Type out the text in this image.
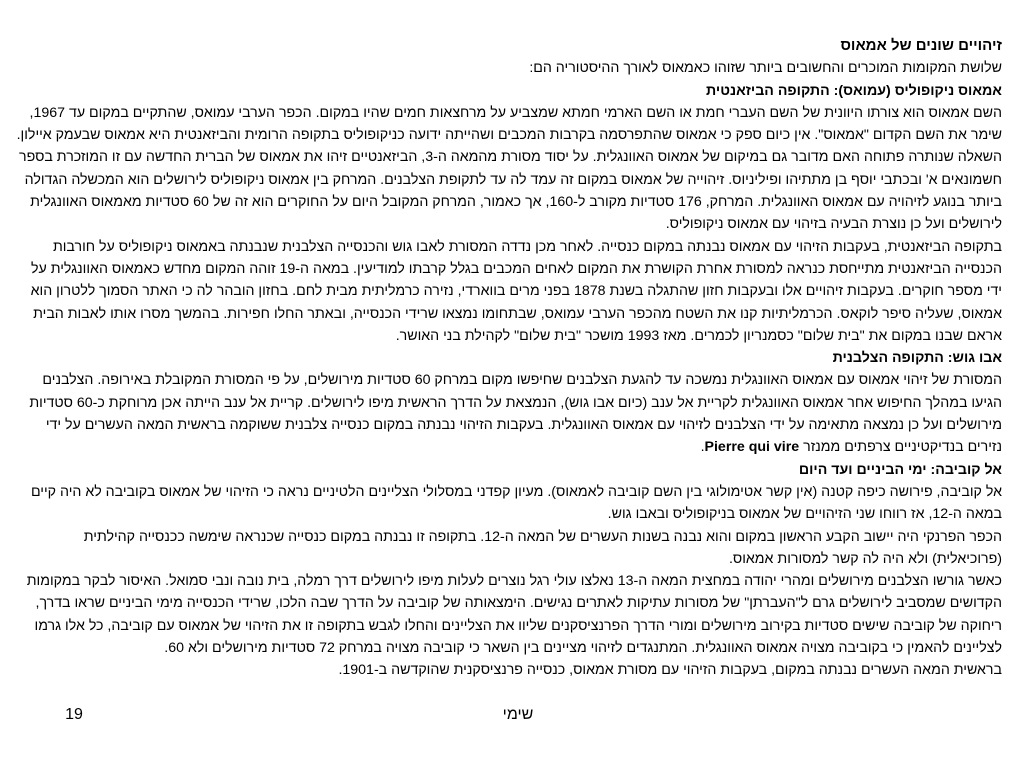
זיהויים שונים של אמאוס

שלושת המקומות המוכרים והחשובים ביותר שזוהו כאמאוס לאורך ההיסטוריה הם:

אמאוס ניקופוליס (עמואס): התקופה הביזאנטית

השם אמאוס הוא צורתו היוונית של השם העברי חמת או השם הארמי חמתא שמצביע על מרחצאות חמים שהיו במקום. הכפר הערבי עמואס, שהתקיים במקום עד 1967, שימר את השם הקדום "אמאוס". אין כיום ספק כי אמאוס שהתפרסמה בקרבות המכבים ושהייתה ידועה כניקופוליס בתקופה הרומית והביזאנטית היא אמאוס שבעמק איילון. השאלה שנותרה פתוחה האם מדובר גם במיקום של אמאוס האוונגלית. על יסוד מסורת מהמאה ה-3, הביזאנטיים זיהו את אמאוס של הברית החדשה עם זו המוזכרת בספר חשמונאים א' ובכתבי יוסף בן מתתיהו ופיליניוס. זיהוייה של אמאוס במקום זה עמד לה עד לתקופת הצלבנים. המרחק בין אמאוס ניקופוליס לירושלים הוא המכשלה הגדולה ביותר בנוגע לזיהויה עם אמאוס האוונגלית. המרחק, 176 סטדיות מקורב ל-160, אך כאמור, המרחק המקובל היום על החוקרים הוא זה של 60 סטדיות מאמאוס האוונגלית לירושלים ועל כן נוצרת הבעיה בזיהוי עם אמאוס ניקופוליס.

בתקופה הביזאנטית, בעקבות הזיהוי עם אמאוס נבנתה במקום כנסייה. לאחר מכן נדדה המסורת לאבו גוש והכנסייה הצלבנית שנבנתה באמאוס ניקופוליס על חורבות הכנסייה הביזאנטית מתייחסת כנראה למסורת אחרת הקושרת את המקום לאחים המכבים בגלל קרבתו למודיעין. במאה ה-19 זוהה המקום מחדש כאמאוס האוונגלית על ידי מספר חוקרים. בעקבות זיהויים אלו ובעקבות חזון שהתגלה בשנת 1878 בפני מרים בווארדי, נזירה כרמליתית מבית לחם. בחזון הובהר לה כי האתר הסמוך ללטרון הוא אמאוס, שעליה סיפר לוקאס. הכרמליתיות קנו את השטח מהכפר הערבי עמואס, שבתחומו נמצאו שרידי הכנסייה, ובאתר החלו חפירות. בהמשך מסרו אותו לאבות הבית אראם שבנו במקום את "בית שלום" כסמנריון לכמרים. מאז 1993 מושכר "בית שלום" לקהילת בני האושר.

אבו גוש: התקופה הצלבנית

המסורת של זיהוי אמאוס עם אמאוס האוונגלית נמשכה עד להגעת הצלבנים שחיפשו מקום במרחק 60 סטדיות מירושלים, על פי המסורת המקובלת באירופה. הצלבנים הגיעו במהלך החיפוש אחר אמאוס האוונגלית לקריית אל ענב (כיום אבו גוש), הנמצאת על הדרך הראשית מיפו לירושלים. קריית אל ענב הייתה אכן מרוחקת כ-60 סטדיות מירושלים ועל כן נמצאה מתאימה על ידי הצלבנים לזיהוי עם אמאוס האוונגלית. בעקבות הזיהוי נבנתה במקום כנסייה צלבנית ששוקמה בראשית המאה העשרים על ידי נזירים בנדיקטיניים צרפתים ממנזר Pierre qui vire.

אל קוביבה: ימי הביניים ועד היום

אל קוביבה, פירושה כיפה קטנה (אין קשר אטימולוגי בין השם קוביבה לאמאוס). מעיון קפדני במסלולי הצליינים הלטיניים נראה כי הזיהוי של אמאוס בקוביבה לא היה קיים במאה ה-12, אז רווחו שני הזיהויים של אמאוס בניקופוליס ובאבו גוש.

הכפר הפרנקי היה יישוב הקבע הראשון במקום והוא נבנה בשנות העשרים של המאה ה-12. בתקופה זו נבנתה במקום כנסייה שכנראה שימשה ככנסייה קהילתית (פרוכיאלית) ולא היה לה קשר למסורות אמאוס.

כאשר גורשו הצלבנים מירושלים ומהרי יהודה במחצית המאה ה-13 נאלצו עולי רגל נוצרים לעלות מיפו לירושלים דרך רמלה, בית נובה ונבי סמואל. האיסור לבקר במקומות הקדושים שמסביב לירושלים גרם ל"העברתן" של מסורות עתיקות לאתרים נגישים. הימצאותה של קוביבה על הדרך שבה הלכו, שרידי הכנסייה מימי הביניים שראו בדרך, ריחוקה של קוביבה שישים סטדיות בקירוב מירושלים ומורי הדרך הפרנציסקנים שליוו את הצליינים והחלו לגבש בתקופה זו את הזיהוי של אמאוס עם קוביבה, כל אלו גרמו לצליינים להאמין כי בקוביבה מצויה אמאוס האוונגלית. המתנגדים לזיהוי מציינים בין השאר כי קוביבה מצויה במרחק 72 סטדיות מירושלים ולא 60.

בראשית המאה העשרים נבנתה במקום, בעקבות הזיהוי עם מסורת אמאוס, כנסייה פרנציסקנית שהוקדשה ב-1901.

שימי
19
